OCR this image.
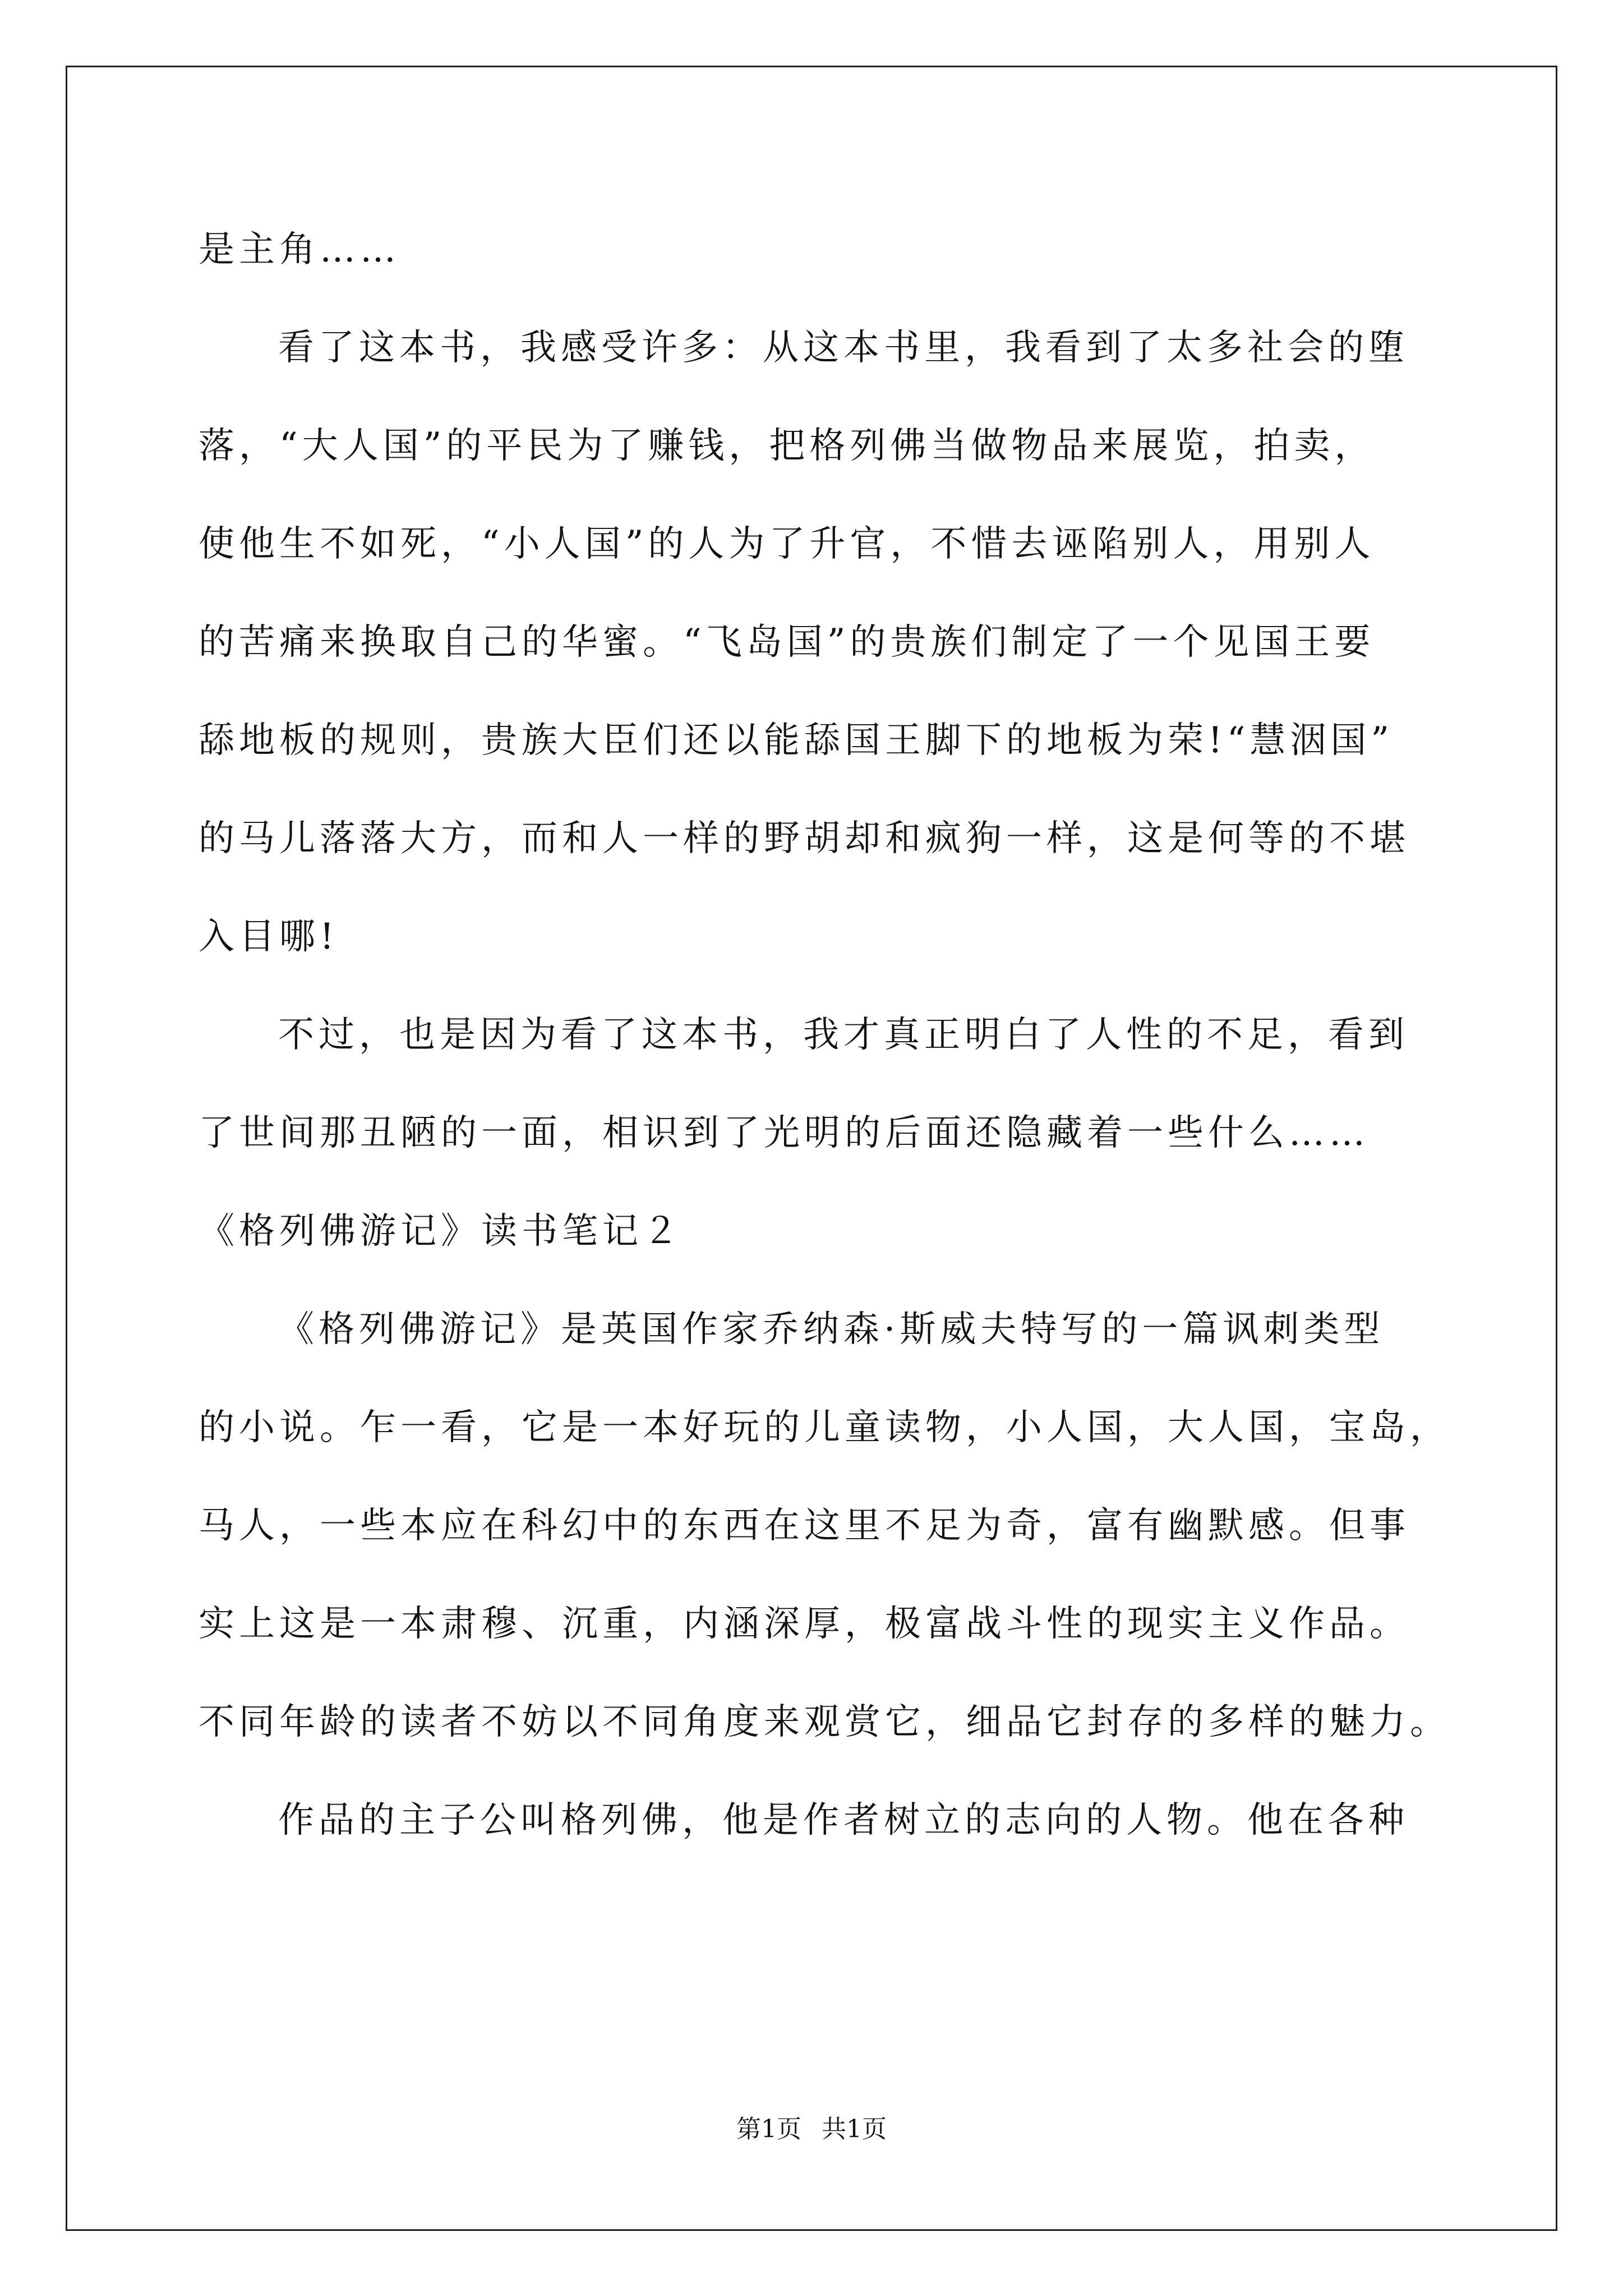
是主角……
看了这本书，我感受许多：从这本书里，我看到了太多社会的堕
落，“大人国”的平民为了赚钱，把格列佛当做物品来展览，拍卖，
使他生不如死，“小人国”的人为了升官，不惜去诬陷别人，用别人
的苦痛来换取自己的华蜜。“飞岛国”的贵族们制定了一个见国王要
舔地板的规则，贵族大臣们还以能舔国王脚下的地板为荣!“慧洇国”
的马儿落落大方，而和人一样的野胡却和疯狗一样，这是何等的不堪
入目哪!
不过，也是因为看了这本书，我才真正明白了人性的不足，看到
了世间那丑陋的一面，相识到了光明的后面还隐藏着一些什么……
《格列佛游记》读书笔记２
《格列佛游记》是英国作家乔纳森·斯威夫特写的一篇讽刺类型
的小说。乍一看，它是一本好玩的儿童读物，小人国，大人国，宝岛，
马人，一些本应在科幻中的东西在这里不足为奇，富有幽默感。但事
实上这是一本肃穆、沉重，内涵深厚，极富战斗性的现实主义作品。
不同年龄的读者不妨以不同角度来观赏它，细品它封存的多样的魅力。
作品的主子公叫格列佛，他是作者树立的志向的人物。他在各种
第1页 共1页
